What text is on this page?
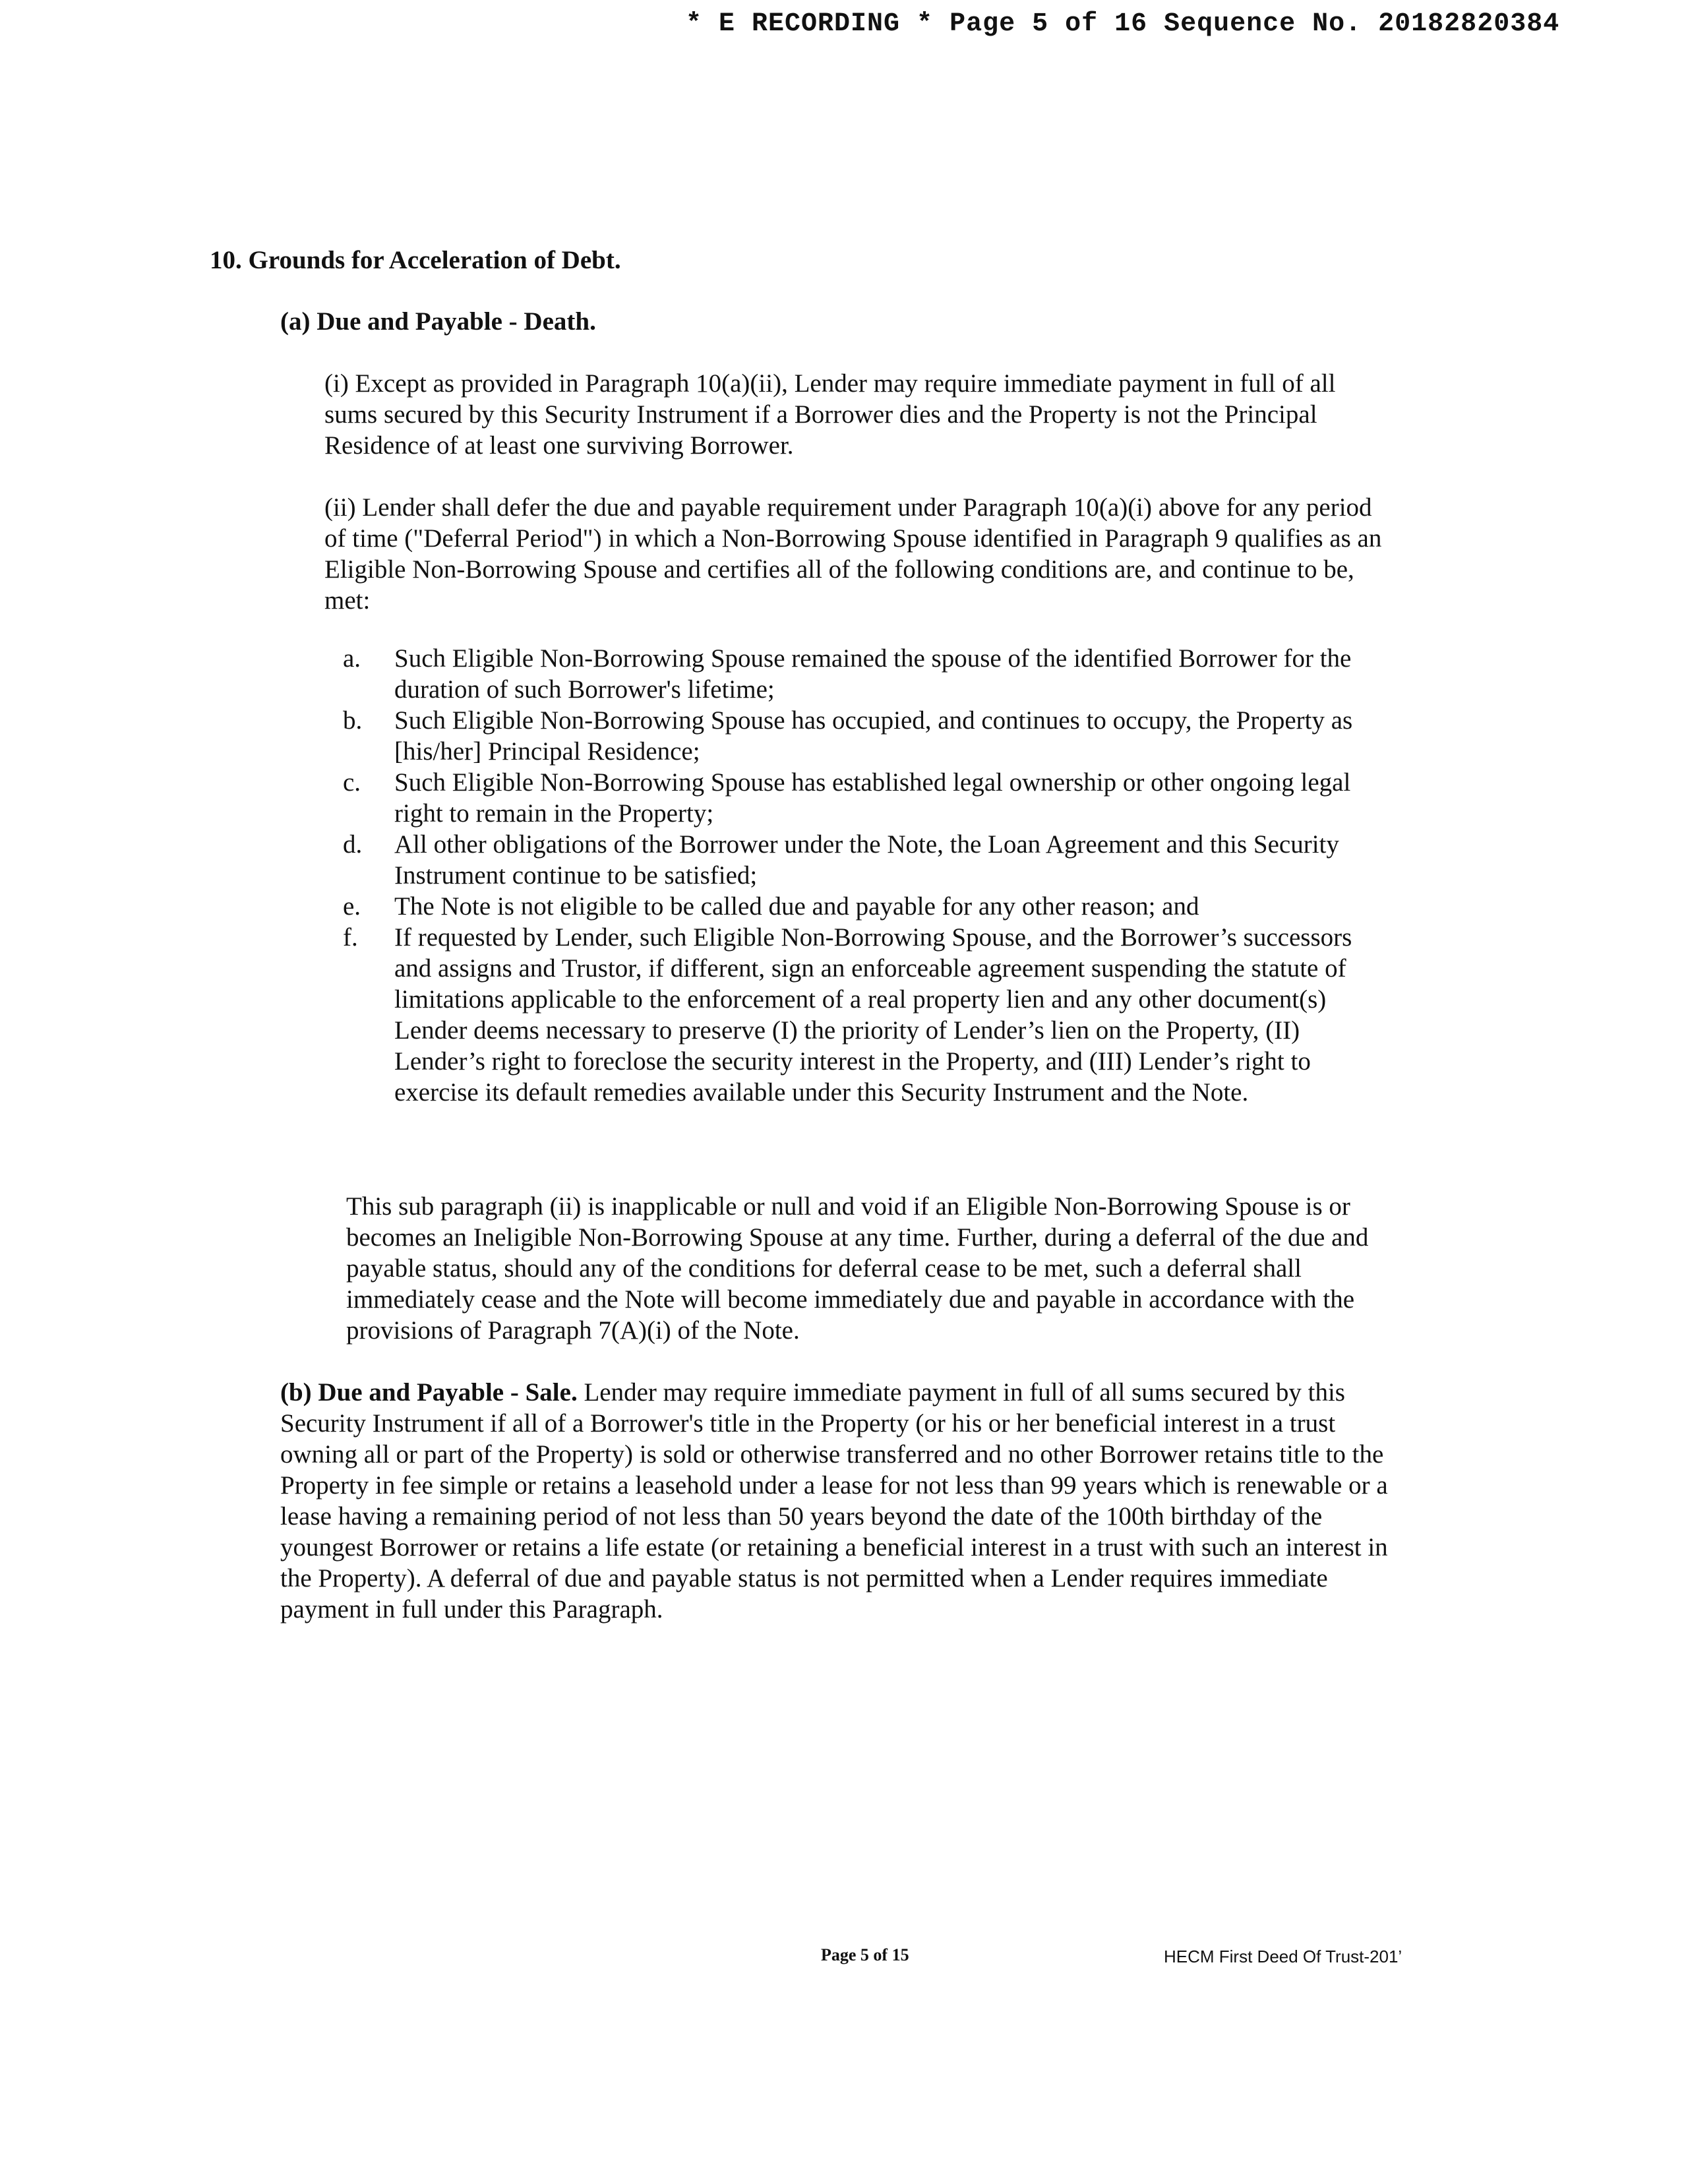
* E RECORDING * Page 5 of 16 Sequence No. 20182820384
10. Grounds for Acceleration of Debt.
(a) Due and Payable - Death.

(i) Except as provided in Paragraph 10(a)(ii), Lender may require immediate payment in full of all sums secured by this Security Instrument if a Borrower dies and the Property is not the Principal Residence of at least one surviving Borrower.

(ii) Lender shall defer the due and payable requirement under Paragraph 10(a)(i) above for any period of time ("Deferral Period") in which a Non-Borrowing Spouse identified in Paragraph 9 qualifies as an Eligible Non-Borrowing Spouse and certifies all of the following conditions are, and continue to be, met:

a. Such Eligible Non-Borrowing Spouse remained the spouse of the identified Borrower for the duration of such Borrower's lifetime;
b. Such Eligible Non-Borrowing Spouse has occupied, and continues to occupy, the Property as [his/her] Principal Residence;
c. Such Eligible Non-Borrowing Spouse has established legal ownership or other ongoing legal right to remain in the Property;
d. All other obligations of the Borrower under the Note, the Loan Agreement and this Security Instrument continue to be satisfied;
e. The Note is not eligible to be called due and payable for any other reason; and
f. If requested by Lender, such Eligible Non-Borrowing Spouse, and the Borrower’s successors and assigns and Trustor, if different, sign an enforceable agreement suspending the statute of limitations applicable to the enforcement of a real property lien and any other document(s) Lender deems necessary to preserve (I) the priority of Lender’s lien on the Property, (II) Lender’s right to foreclose the security interest in the Property, and (III) Lender’s right to exercise its default remedies available under this Security Instrument and the Note.

This sub paragraph (ii) is inapplicable or null and void if an Eligible Non-Borrowing Spouse is or becomes an Ineligible Non-Borrowing Spouse at any time. Further, during a deferral of the due and payable status, should any of the conditions for deferral cease to be met, such a deferral shall immediately cease and the Note will become immediately due and payable in accordance with the provisions of Paragraph 7(A)(i) of the Note.

(b) Due and Payable - Sale. Lender may require immediate payment in full of all sums secured by this Security Instrument if all of a Borrower's title in the Property (or his or her beneficial interest in a trust owning all or part of the Property) is sold or otherwise transferred and no other Borrower retains title to the Property in fee simple or retains a leasehold under a lease for not less than 99 years which is renewable or a lease having a remaining period of not less than 50 years beyond the date of the 100th birthday of the youngest Borrower or retains a life estate (or retaining a beneficial interest in a trust with such an interest in the Property). A deferral of due and payable status is not permitted when a Lender requires immediate payment in full under this Paragraph.

Page 5 of 15	HECM First Deed Of Trust-201’
